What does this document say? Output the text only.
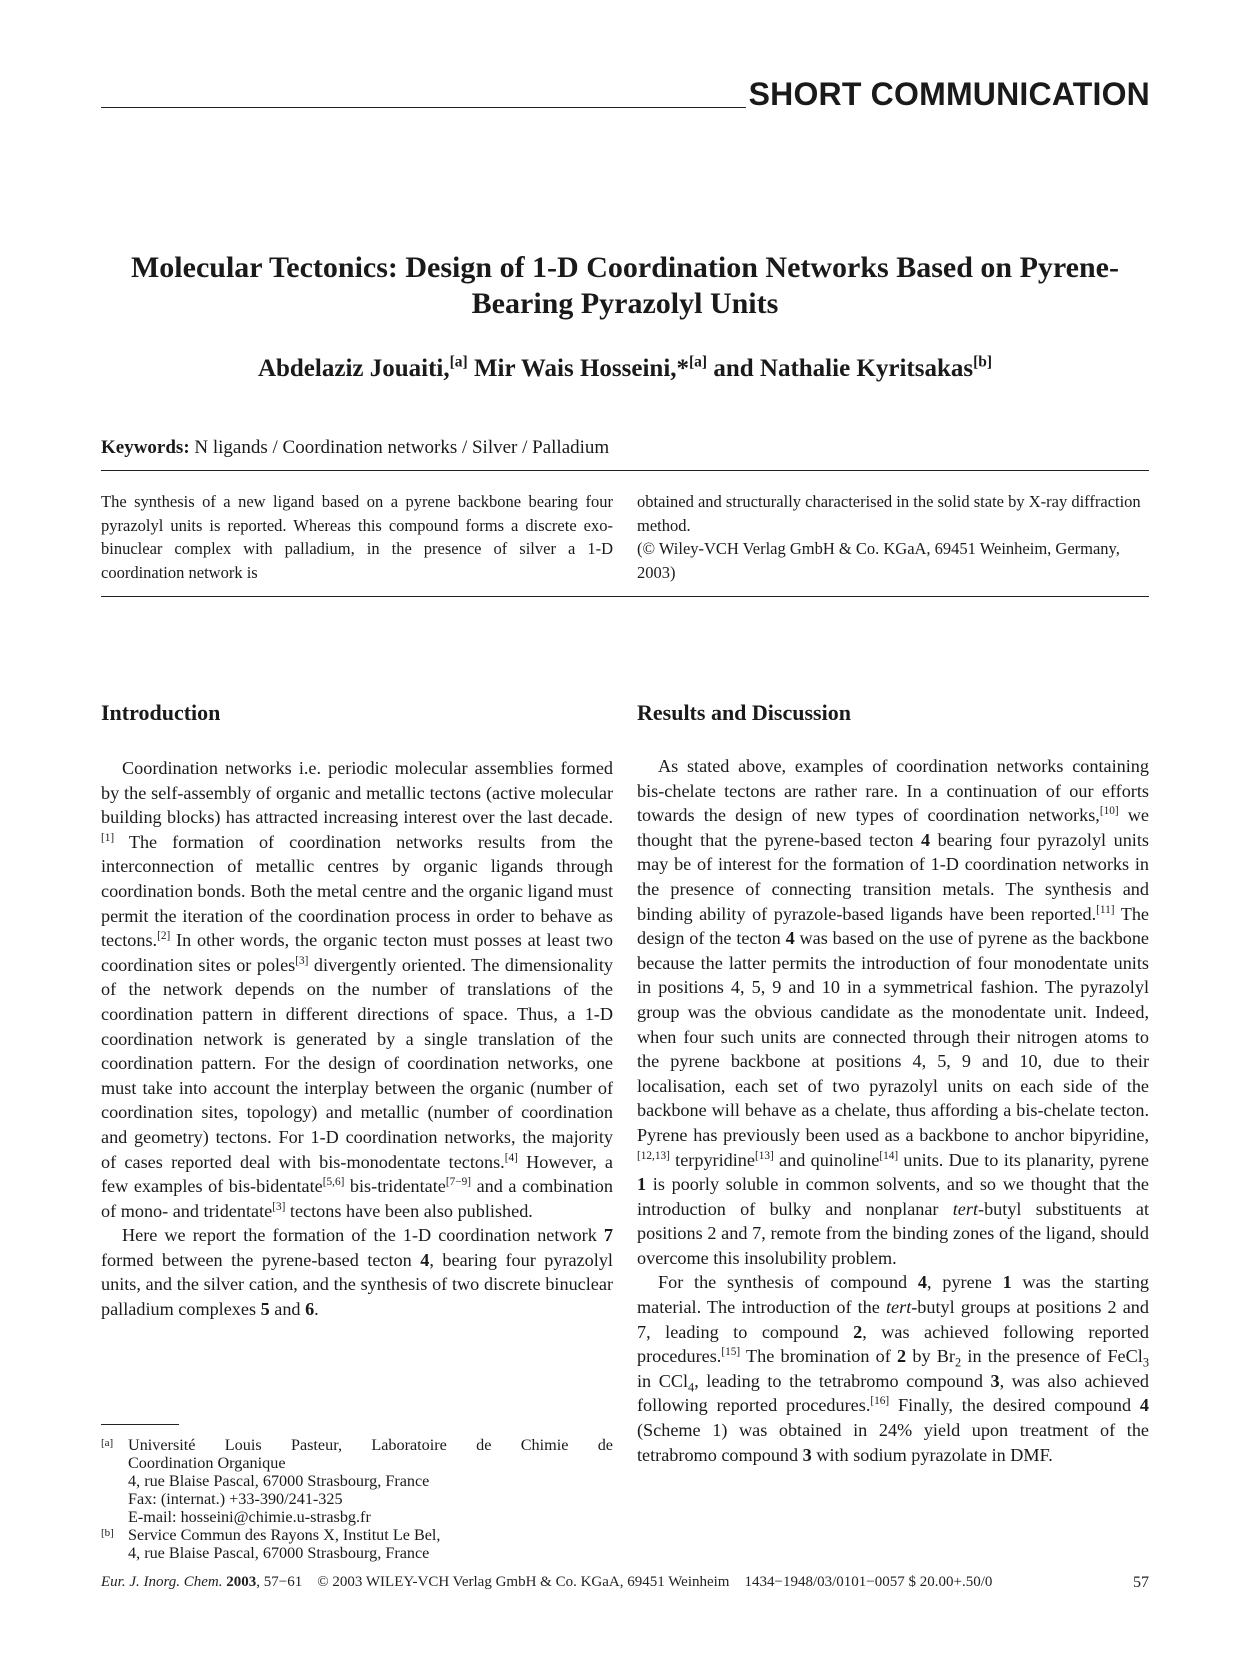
SHORT COMMUNICATION
Molecular Tectonics: Design of 1-D Coordination Networks Based on Pyrene-
Bearing Pyrazolyl Units
Abdelaziz Jouaiti,[a] Mir Wais Hosseini,*[a] and Nathalie Kyritsakas[b]
Keywords: N ligands / Coordination networks / Silver / Palladium

The synthesis of a new ligand based on a pyrene backbone bearing four pyrazolyl units is reported. Whereas this compound forms a discrete exo-binuclear complex with palladium, in the presence of silver a 1-D coordination network is

obtained and structurally characterised in the solid state by X-ray diffraction method.

(© Wiley-VCH Verlag GmbH & Co. KGaA, 69451 Weinheim, Germany, 2003)

Introduction

Coordination networks i.e. periodic molecular assemblies formed by the self-assembly of organic and metallic tectons (active molecular building blocks) has attracted increasing interest over the last decade.[1] The formation of coordination networks results from the interconnection of metallic centres by organic ligands through coordination bonds. Both the metal centre and the organic ligand must permit the iteration of the coordination process in order to behave as tectons.[2] In other words, the organic tecton must posses at least two coordination sites or poles[3] divergently oriented. The dimensionality of the network depends on the number of translations of the coordination pattern in different directions of space. Thus, a 1-D coordination network is generated by a single translation of the coordination pattern. For the design of coordination networks, one must take into account the interplay between the organic (number of coordination sites, topology) and metallic (number of coordination and geometry) tectons. For 1-D coordination networks, the majority of cases reported deal with bis-monodentate tectons.[4] However, a few examples of bis-bidentate[5,6] bis-tridentate[7−9] and a combination of mono- and tridentate[3] tectons have been also published.

Here we report the formation of the 1-D coordination network 7 formed between the pyrene-based tecton 4, bearing four pyrazolyl units, and the silver cation, and the synthesis of two discrete binuclear palladium complexes 5 and 6.

[a] Université Louis Pasteur, Laboratoire de Chimie de
Coordination Organique
4, rue Blaise Pascal, 67000 Strasbourg, France
Fax: (internat.) +33-390/241-325
E-mail: hosseini@chimie.u-strasbg.fr
[b] Service Commun des Rayons X, Institut Le Bel,
4, rue Blaise Pascal, 67000 Strasbourg, France
Results and Discussion

As stated above, examples of coordination networks containing bis-chelate tectons are rather rare. In a continuation of our efforts towards the design of new types of coordination networks,[10] we thought that the pyrene-based tecton 4 bearing four pyrazolyl units may be of interest for the formation of 1-D coordination networks in the presence of connecting transition metals. The synthesis and binding ability of pyrazole-based ligands have been reported.[11] The design of the tecton 4 was based on the use of pyrene as the backbone because the latter permits the introduction of four monodentate units in positions 4, 5, 9 and 10 in a symmetrical fashion. The pyrazolyl group was the obvious candidate as the monodentate unit. Indeed, when four such units are connected through their nitrogen atoms to the pyrene backbone at positions 4, 5, 9 and 10, due to their localisation, each set of two pyrazolyl units on each side of the backbone will behave as a chelate, thus affording a bis-chelate tecton. Pyrene has previously been used as a backbone to anchor bipyridine,[12,13] terpyridine[13] and quinoline[14] units. Due to its planarity, pyrene 1 is poorly soluble in common solvents, and so we thought that the introduction of bulky and nonplanar tert-butyl substituents at positions 2 and 7, remote from the binding zones of the ligand, should overcome this insolubility problem.

For the synthesis of compound 4, pyrene 1 was the starting material. The introduction of the tert-butyl groups at positions 2 and 7, leading to compound 2, was achieved following reported procedures.[15] The bromination of 2 by $Br_2$ in the presence of FeCl$_3$ in CCl$_4$, leading to the tetrabromo compound 3, was also achieved following reported procedures.[16] Finally, the desired compound 4 (Scheme 1) was obtained in 24% yield upon treatment of the tetrabromo compound 3 with sodium pyrazolate in DMF.

Eur. J. Inorg. Chem. 2003, 57−61 © 2003 WILEY-VCH Verlag GmbH & Co. KGaA, 69451 Weinheim 1434−1948/03/0101−0057 $ 20.00+.50/0	57
